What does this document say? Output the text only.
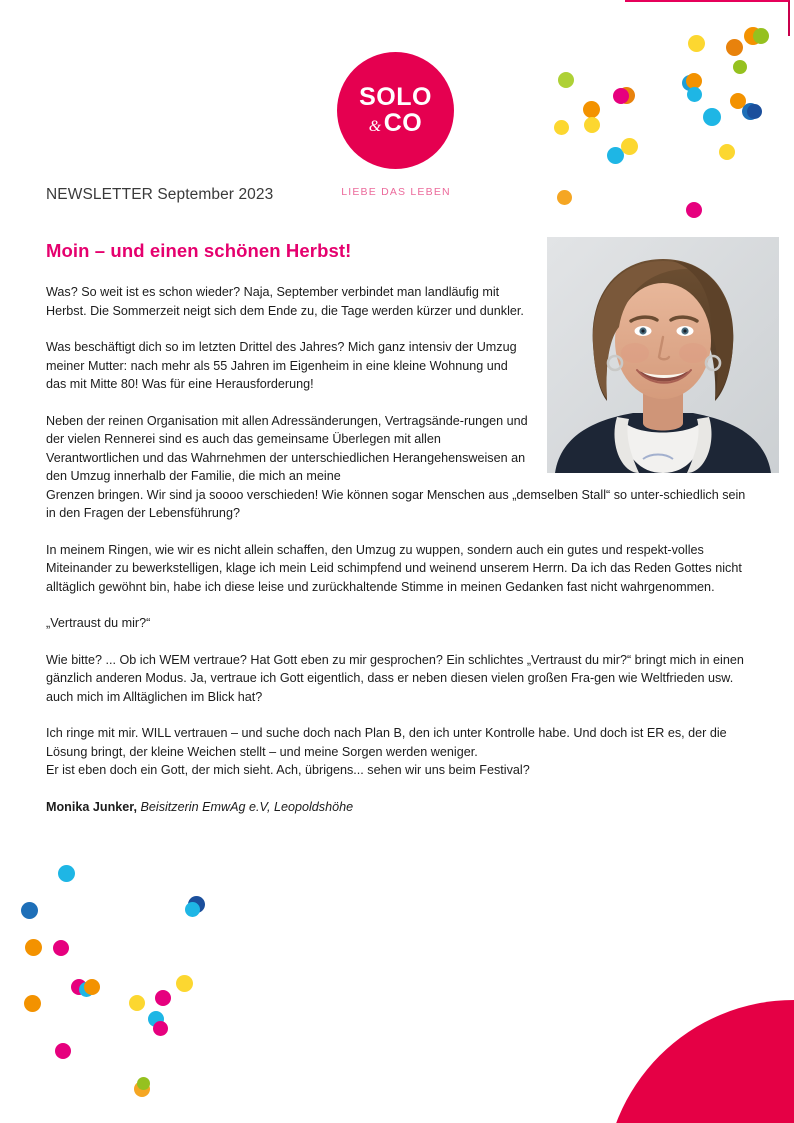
SOLO
& CO
LIEBE DAS LEBEN
NEWSLETTER September 2023
Moin – und einen schönen Herbst!

Was? So weit ist es schon wieder? Naja, September verbindet man landläufig mit Herbst. Die Sommerzeit neigt sich dem Ende zu, die Tage werden kürzer und dunkler.

Was beschäftigt dich so im letzten Drittel des Jahres? Mich ganz intensiv der Umzug meiner Mutter: nach mehr als 55 Jahren im Eigenheim in eine kleine Wohnung und das mit Mitte 80! Was für eine Herausforderung!

Neben der reinen Organisation mit allen Adressänderungen, Vertragsände-rungen und der vielen Rennerei sind es auch das gemeinsame Überlegen mit allen Verantwortlichen und das Wahrnehmen der unterschiedlichen Herangehensweisen an den Umzug innerhalb der Familie, die mich an meine

Grenzen bringen. Wir sind ja soooo verschieden! Wie können sogar Menschen aus „demselben Stall“ so unter-schiedlich sein in den Fragen der Lebensführung?

In meinem Ringen, wie wir es nicht allein schaffen, den Umzug zu wuppen, sondern auch ein gutes und respekt-volles Miteinander zu bewerkstelligen, klage ich mein Leid schimpfend und weinend unserem Herrn. Da ich das Reden Gottes nicht alltäglich gewöhnt bin, habe ich diese leise und zurückhaltende Stimme in meinen Gedanken fast nicht wahrgenommen.

„Vertraust du mir?“

Wie bitte? ... Ob ich WEM vertraue? Hat Gott eben zu mir gesprochen? Ein schlichtes „Vertraust du mir?“ bringt mich in einen gänzlich anderen Modus. Ja, vertraue ich Gott eigentlich, dass er neben diesen vielen großen Fra-gen wie Weltfrieden usw. auch mich im Alltäglichen im Blick hat?

Ich ringe mit mir. WILL vertrauen – und suche doch nach Plan B, den ich unter Kontrolle habe. Und doch ist ER es, der die Lösung bringt, der kleine Weichen stellt – und meine Sorgen werden weniger.

Er ist eben doch ein Gott, der mich sieht. Ach, übrigens... sehen wir uns beim Festival?

Monika Junker, Beisitzerin EmwAg e.V, Leopoldshöhe
